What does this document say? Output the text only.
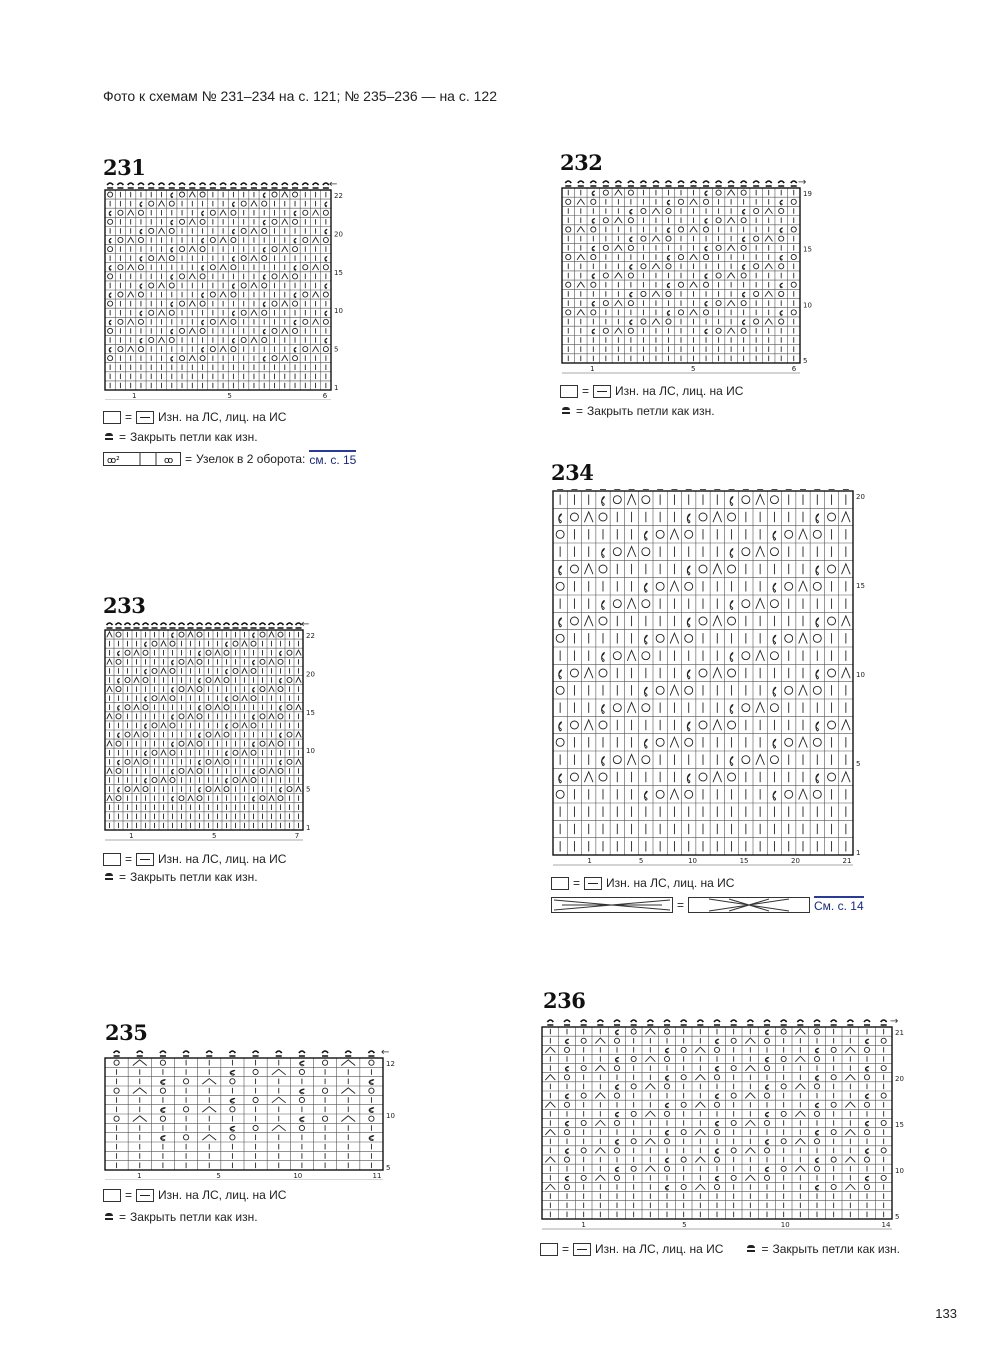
Фото к схемам № 231–234 на с. 121; № 235–236 — на с. 122
231
←
22
20
15
10
5
1
6
5
1
= Изн. на ЛС, лиц. на ИС
= Закрыть петли как изн.
ꝏ²	ꝏ = Узелок в 2 оборота: см. с. 15
232
→
19
15
10
5
6
5
1
= Изн. на ЛС, лиц. на ИС
= Закрыть петли как изн.
233
←
22
20
15
10
5
1
7
5
1
= Изн. на ЛС, лиц. на ИС
= Закрыть петли как изн.
234
20
15
10
5
1
21
20
15
10
5
1
= Изн. на ЛС, лиц. на ИС
=	См. с. 14
235
←
12
10
5
11
10
5
1
= Изн. на ЛС, лиц. на ИС
= Закрыть петли как изн.
236
→
21
20
15
10
5
14
10
5
1
= Изн. на ЛС, лиц. на ИС	= Закрыть петли как изн.
133
